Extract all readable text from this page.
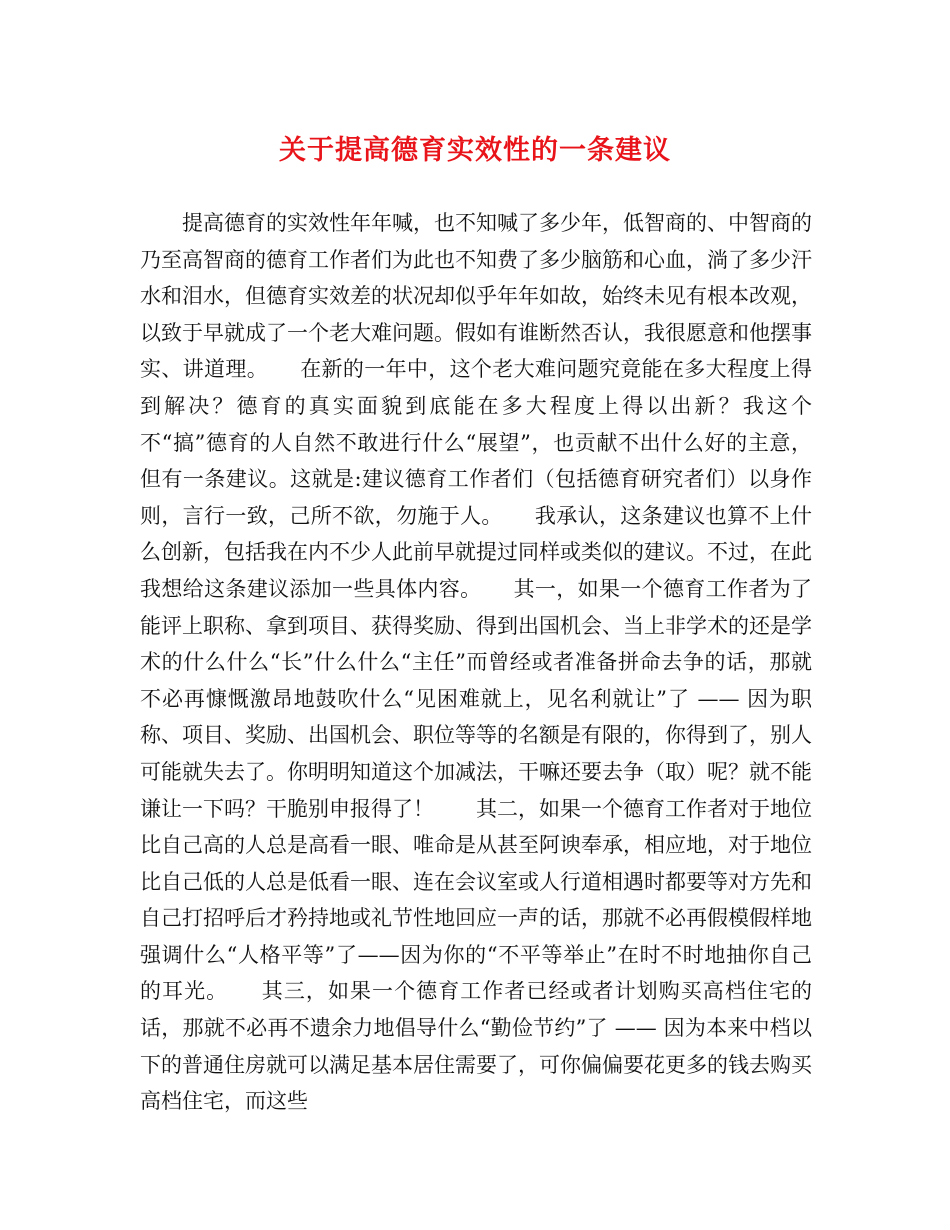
关于提高德育实效性的一条建议

　　提高德育的实效性年年喊，也不知喊了多少年，低智商的、中智商的乃至高智商的德育工作者们为此也不知费了多少脑筋和心血，淌了多少汗水和泪水，但德育实效差的状况却似乎年年如故，始终未见有根本改观，以致于早就成了一个老大难问题。假如有谁断然否认，我很愿意和他摆事实、讲道理。　　在新的一年中，这个老大难问题究竟能在多大程度上得到解决？德育的真实面貌到底能在多大程度上得以出新？我这个不“搞”德育的人自然不敢进行什么“展望”，也贡献不出什么好的主意，但有一条建议。这就是:建议德育工作者们（包括德育研究者们）以身作则，言行一致，己所不欲，勿施于人。　　我承认，这条建议也算不上什么创新，包括我在内不少人此前早就提过同样或类似的建议。不过，在此我想给这条建议添加一些具体内容。　　其一，如果一个德育工作者为了能评上职称、拿到项目、获得奖励、得到出国机会、当上非学术的还是学术的什么什么“长”什么什么“主任”而曾经或者准备拼命去争的话，那就不必再慷慨激昂地鼓吹什么“见困难就上，见名利就让”了 —— 因为职称、项目、奖励、出国机会、职位等等的名额是有限的，你得到了，别人可能就失去了。你明明知道这个加减法，干嘛还要去争（取）呢？就不能谦让一下吗？干脆别申报得了！　　其二，如果一个德育工作者对于地位比自己高的人总是高看一眼、唯命是从甚至阿谀奉承，相应地，对于地位比自己低的人总是低看一眼、连在会议室或人行道相遇时都要等对方先和自己打招呼后才矜持地或礼节性地回应一声的话，那就不必再假模假样地强调什么“人格平等”了——因为你的“不平等举止”在时不时地抽你自己的耳光。　　其三，如果一个德育工作者已经或者计划购买高档住宅的话，那就不必再不遗余力地倡导什么“勤俭节约”了 —— 因为本来中档以下的普通住房就可以满足基本居住需要了，可你偏偏要花更多的钱去购买高档住宅，而这些
